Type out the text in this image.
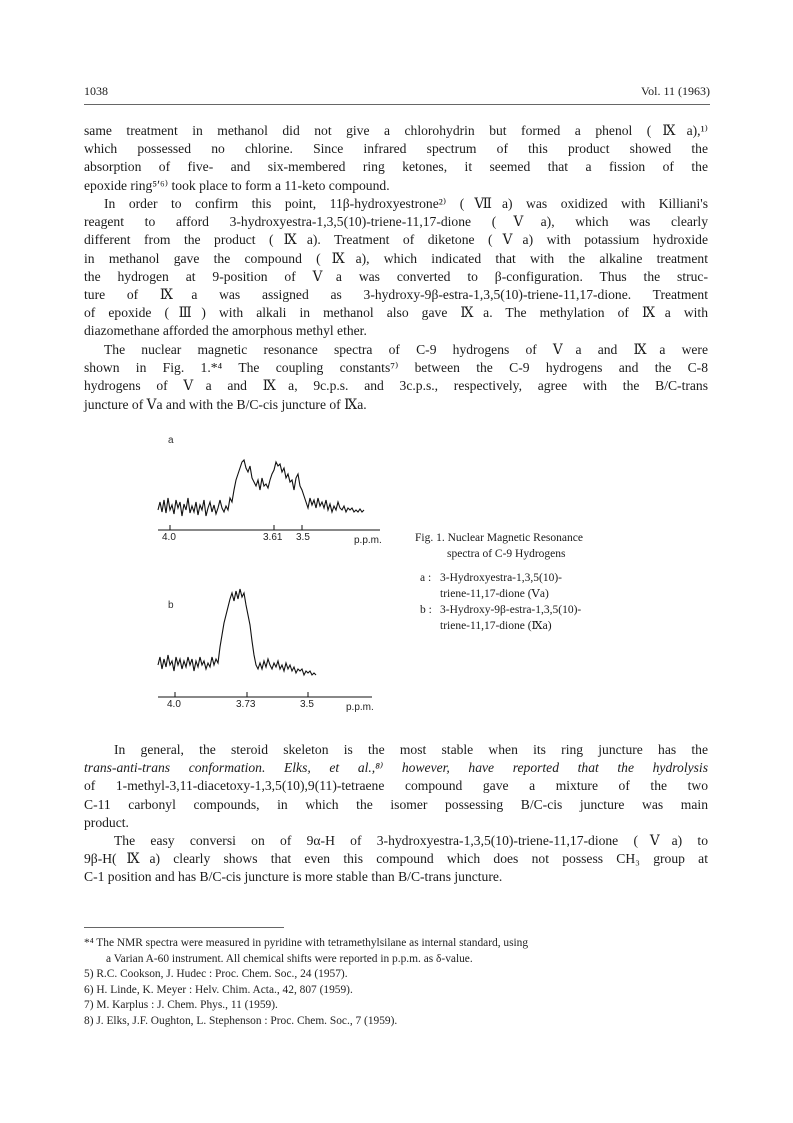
1038	Vol. 11 (1963)
same treatment in methanol did not give a chlorohydrin but formed a phenol (Ⅸa),¹⁾
which possessed no chlorine. Since infrared spectrum of this product showed the
absorption of five- and six-membered ring ketones, it seemed that a fission of the
epoxide ring⁵ʹ⁶⁾ took place to form a 11-keto compound.
In order to confirm this point, 11β-hydroxyestrone²⁾ (Ⅶa) was oxidized with Killiani's
reagent to afford 3-hydroxyestra-1,3,5(10)-triene-11,17-dione (Ⅴa), which was clearly
different from the product (Ⅸa). Treatment of diketone (Ⅴa) with potassium hydroxide
in methanol gave the compound (Ⅸa), which indicated that with the alkaline treatment
the hydrogen at 9-position of Ⅴa was converted to β-configuration. Thus the struc-
ture of Ⅸa was assigned as 3-hydroxy-9β-estra-1,3,5(10)-triene-11,17-dione. Treatment
of epoxide (Ⅲ) with alkali in methanol also gave Ⅸa. The methylation of Ⅸa with
diazomethane afforded the amorphous methyl ether.
The nuclear magnetic resonance spectra of C-9 hydrogens of Ⅴa and Ⅸa were
shown in Fig. 1.*⁴ The coupling constants⁷⁾ between the C-9 hydrogens and the C-8
hydrogens of Ⅴa and Ⅸa, 9c.p.s. and 3c.p.s., respectively, agree with the B/C-trans
juncture of Ⅴa and with the B/C-cis juncture of Ⅸa.
a
4.0	3.61 3.5	p.p.m.
b
4.0	3.73	3.5	p.p.m.
Fig. 1. Nuclear Magnetic Resonance
spectra of C-9 Hydrogens
a : 3-Hydroxyestra-1,3,5(10)-
triene-11,17-dione (Ⅴa)
b : 3-Hydroxy-9β-estra-1,3,5(10)-
triene-11,17-dione (Ⅸa)
In general, the steroid skeleton is the most stable when its ring juncture has the
trans-anti-trans conformation. Elks, et al.,⁸⁾ however, have reported that the hydrolysis
of 1-methyl-3,11-diacetoxy-1,3,5(10),9(11)-tetraene compound gave a mixture of the two
C-11 carbonyl compounds, in which the isomer possessing B/C-cis juncture was main
product.
The easy conversi on of 9α-H of 3-hydroxyestra-1,3,5(10)-triene-11,17-dione (Ⅴa) to
9β-H(Ⅸa) clearly shows that even this compound which does not possess CH₃ group at
C-1 position and has B/C-cis juncture is more stable than B/C-trans juncture.
*⁴ The NMR spectra were measured in pyridine with tetramethylsilane as internal standard, using
a Varian A-60 instrument. All chemical shifts were reported in p.p.m. as δ-value.
5) R.C. Cookson, J. Hudec : Proc. Chem. Soc., 24 (1957).
6) H. Linde, K. Meyer : Helv. Chim. Acta., 42, 807 (1959).
7) M. Karplus : J. Chem. Phys., 11 (1959).
8) J. Elks, J.F. Oughton, L. Stephenson : Proc. Chem. Soc., 7 (1959).
